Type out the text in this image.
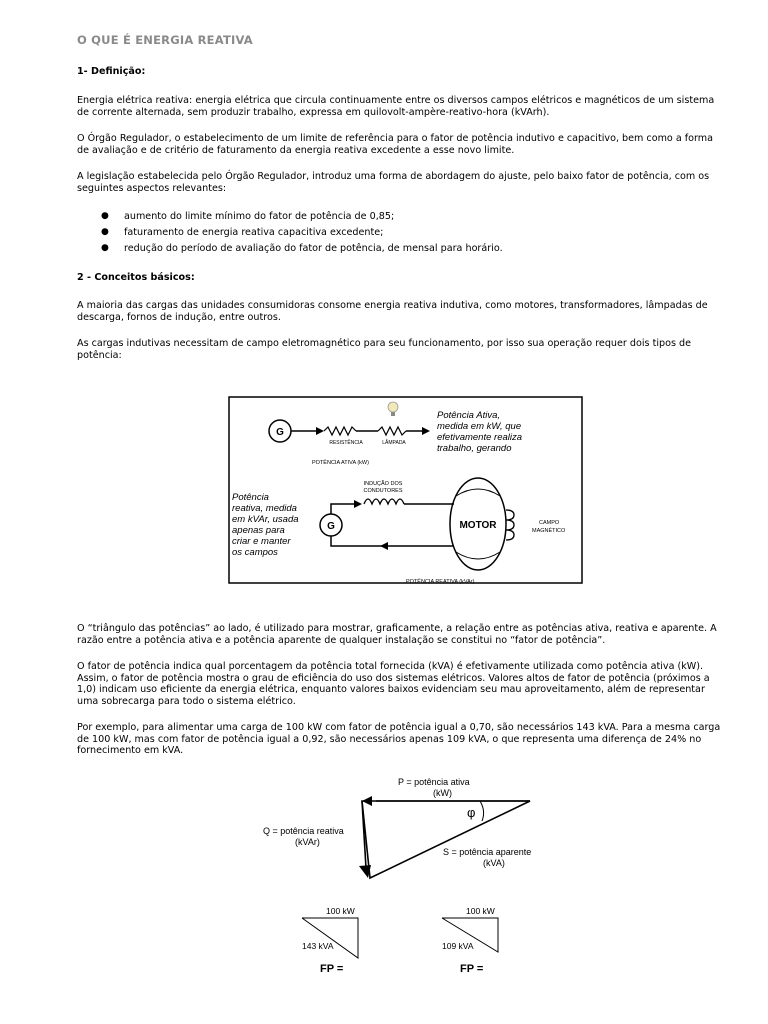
O QUE É ENERGIA REATIVA
1- Definição:
Energia elétrica reativa: energia elétrica que circula continuamente entre os diversos campos elétricos e magnéticos de um sistema de corrente alternada, sem produzir trabalho, expressa em quilovolt-ampère-reativo-hora (kVArh).
O Órgão Regulador, o estabelecimento de um limite de referência para o fator de potência indutivo e capacitivo, bem como a forma de avaliação e de critério de faturamento da energia reativa excedente a esse novo limite.
A legislação estabelecida pelo Órgão Regulador, introduz uma forma de abordagem do ajuste, pelo baixo fator de potência, com os seguintes aspectos relevantes:
● aumento do limite mínimo do fator de potência de 0,85;
● faturamento de energia reativa capacitiva excedente;
● redução do período de avaliação do fator de potência, de mensal para horário.
2 - Conceitos básicos:
A maioria das cargas das unidades consumidoras consome energia reativa indutiva, como motores, transformadores, lâmpadas de descarga, fornos de indução, entre outros.
As cargas indutivas necessitam de campo eletromagnético para seu funcionamento, por isso sua operação requer dois tipos de potência:
G
RESISTÊNCIA	LÂMPADA
POTÊNCIA ATIVA (kW)
Potência Ativa,
medida em kW, que
efetivamente realiza
trabalho, gerando
Potência
reativa, medida
em kVAr, usada
apenas para
criar e manter
os campos
G
INDUÇÃO DOS
CONDUTORES
MOTOR	CAMPO
MAGNÉTICO
POTÊNCIA REATIVA (kVAr)
O “triângulo das potências” ao lado, é utilizado para mostrar, graficamente, a relação entre as potências ativa, reativa e aparente. A razão entre a potência ativa e a potência aparente de qualquer instalação se constitui no “fator de potência”.
O fator de potência indica qual porcentagem da potência total fornecida (kVA) é efetivamente utilizada como potência ativa (kW). Assim, o fator de potência mostra o grau de eficiência do uso dos sistemas elétricos. Valores altos de fator de potência (próximos a 1,0) indicam uso eficiente da energia elétrica, enquanto valores baixos evidenciam seu mau aproveitamento, além de representar uma sobrecarga para todo o sistema elétrico.
Por exemplo, para alimentar uma carga de 100 kW com fator de potência igual a 0,70, são necessários 143 kVA. Para a mesma carga de 100 kW, mas com fator de potência igual a 0,92, são necessários apenas 109 kVA, o que representa uma diferença de 24% no fornecimento em kVA.
P = potência ativa
(kW)
φ
Q = potência reativa
(kVAr)
S = potência aparente
(kVA)
100 kW
143 kVA
FP =
100 kW
109 kVA
FP =
